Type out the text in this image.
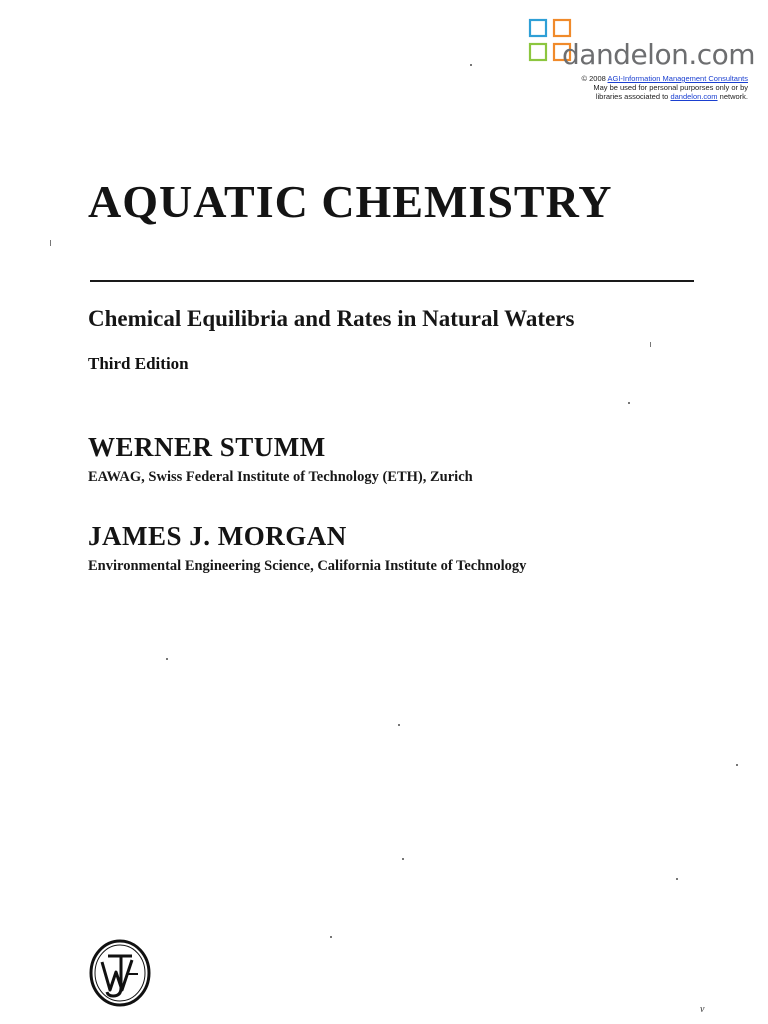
dandelon.com
© 2008 AGI-Information Management Consultants
May be used for personal purporses only or by
libraries associated to dandelon.com network.
AQUATIC CHEMISTRY
Chemical Equilibria and Rates in Natural Waters
Third Edition
WERNER STUMM
EAWAG, Swiss Federal Institute of Technology (ETH), Zurich
JAMES J. MORGAN
Environmental Engineering Science, California Institute of Technology
v
